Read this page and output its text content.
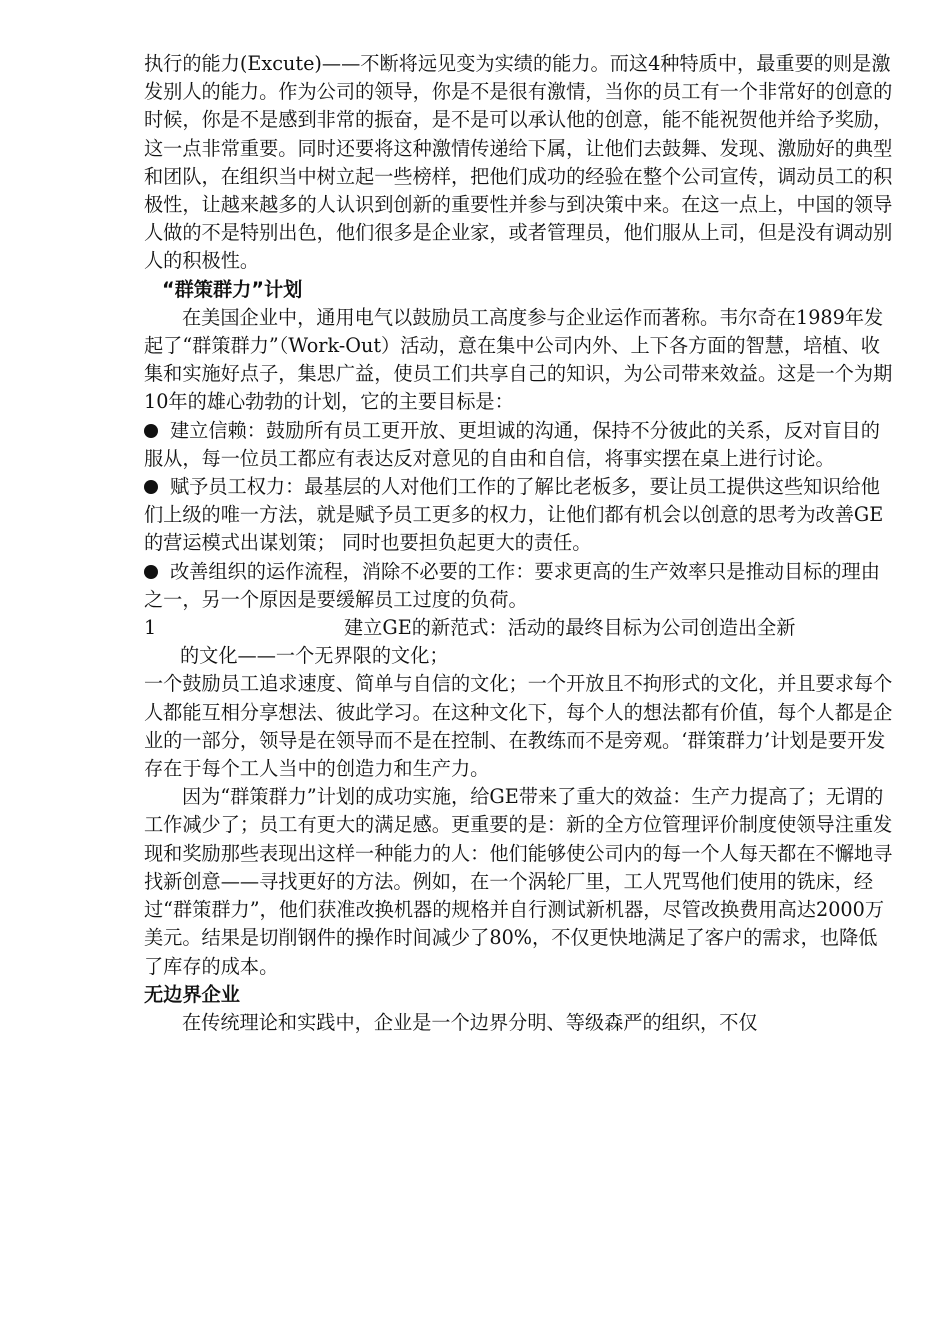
执行的能力(Excute)——不断将远见变为实绩的能力。而这4种特质中，最重要的则是激发别人的能力。作为公司的领导，你是不是很有激情，当你的员工有一个非常好的创意的时候，你是不是感到非常的振奋，是不是可以承认他的创意，能不能祝贺他并给予奖励，这一点非常重要。同时还要将这种激情传递给下属，让他们去鼓舞、发现、激励好的典型和团队，在组织当中树立起一些榜样，把他们成功的经验在整个公司宣传，调动员工的积极性，让越来越多的人认识到创新的重要性并参与到决策中来。在这一点上，中国的领导人做的不是特别出色，他们很多是企业家，或者管理员，他们服从上司，但是没有调动别人的积极性。

“群策群力”计划

在美国企业中，通用电气以鼓励员工高度参与企业运作而著称。韦尔奇在1989年发起了“群策群力”（Work-Out）活动，意在集中公司内外、上下各方面的智慧，培植、收集和实施好点子，集思广益，使员工们共享自己的知识，为公司带来效益。这是一个为期10年的雄心勃勃的计划，它的主要目标是：

建立信赖：鼓励所有员工更开放、更坦诚的沟通，保持不分彼此的关系，反对盲目的服从，每一位员工都应有表达反对意见的自由和自信，将事实摆在桌上进行讨论。

赋予员工权力：最基层的人对他们工作的了解比老板多，要让员工提供这些知识给他们上级的唯一方法，就是赋予员工更多的权力，让他们都有机会以创意的思考为改善GE的营运模式出谋划策； 同时也要担负起更大的责任。

改善组织的运作流程，消除不必要的工作：要求更高的生产效率只是推动目标的理由之一，另一个原因是要缓解员工过度的负荷。

1	建立GE的新范式：活动的最终目标为公司创造出全新

的文化——一个无界限的文化；

一个鼓励员工追求速度、简单与自信的文化；一个开放且不拘形式的文化，并且要求每个人都能互相分享想法、彼此学习。在这种文化下，每个人的想法都有价值，每个人都是企业的一部分，领导是在领导而不是在控制、在教练而不是旁观。‘群策群力’计划是要开发存在于每个工人当中的创造力和生产力。

因为“群策群力”计划的成功实施，给GE带来了重大的效益：生产力提高了；无谓的工作减少了；员工有更大的满足感。更重要的是：新的全方位管理评价制度使领导注重发现和奖励那些表现出这样一种能力的人：他们能够使公司内的每一个人每天都在不懈地寻找新创意——寻找更好的方法。例如，在一个涡轮厂里，工人咒骂他们使用的铣床，经过“群策群力”，他们获准改换机器的规格并自行测试新机器，尽管改换费用高达2000万美元。结果是切削钢件的操作时间减少了80%，不仅更快地满足了客户的需求，也降低了库存的成本。

无边界企业

在传统理论和实践中，企业是一个边界分明、等级森严的组织，不仅
